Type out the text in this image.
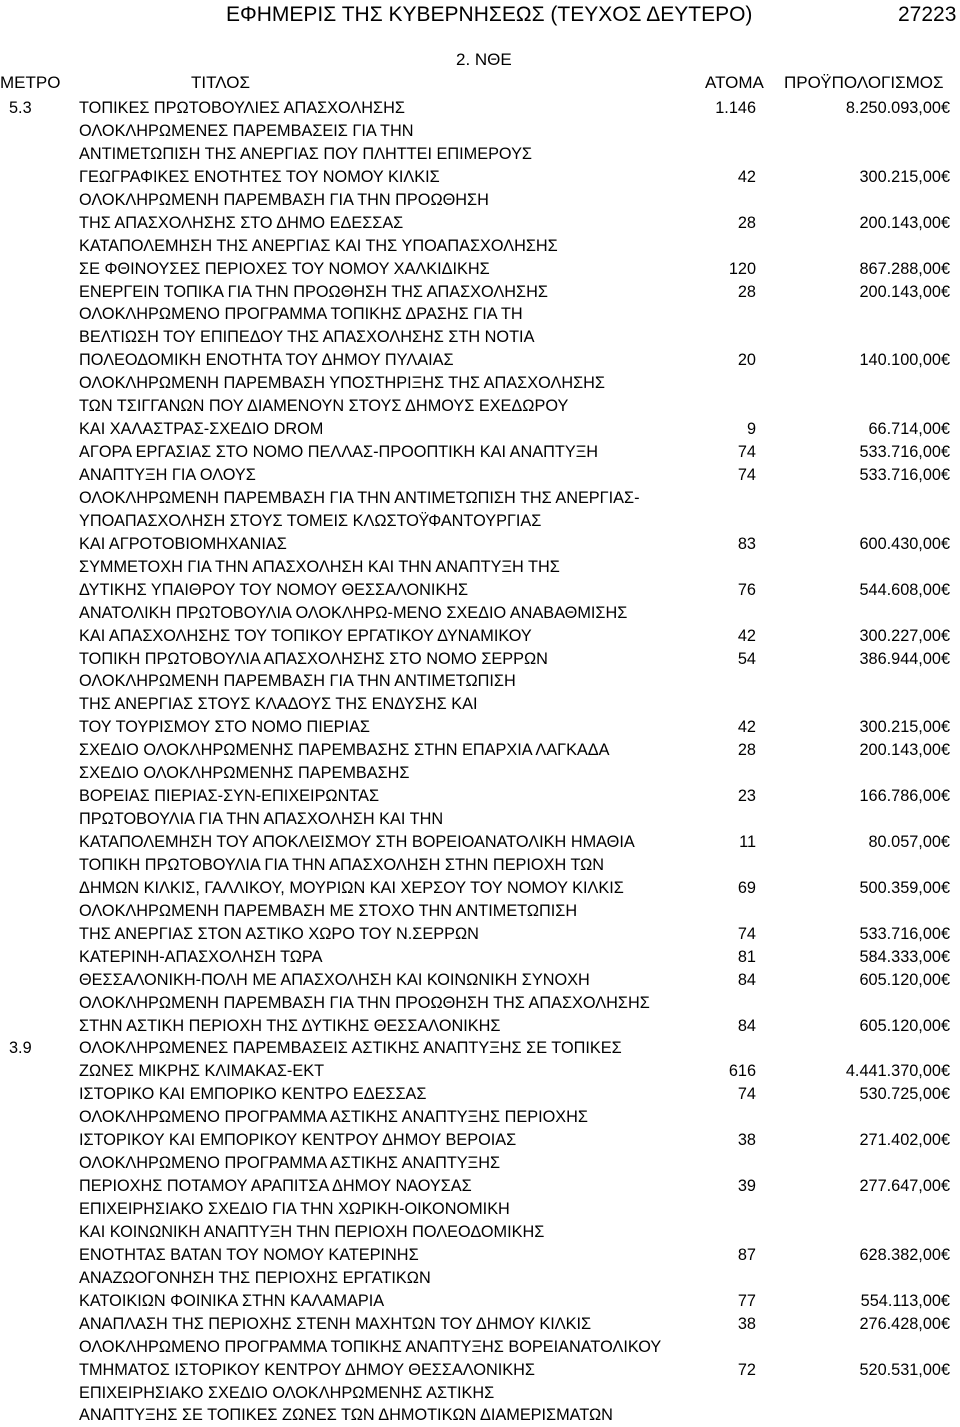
ΕΦΗΜΕΡΙΣ ΤΗΣ ΚΥΒΕΡΝΗΣΕΩΣ (ΤΕΥΧΟΣ ΔΕΥΤΕΡΟ)	27223
2. ΝΘΕ
ΜΕΤΡΟ	ΤΙΤΛΟΣ	ΑΤΟΜΑ ΠΡΟΫΠΟΛΟΓΙΣΜΟΣ
5.3	ΤΟΠΙΚΕΣ ΠΡΩΤΟΒΟΥΛΙΕΣ ΑΠΑΣΧΟΛΗΣΗΣ	1.146	8.250.093,00€
ΟΛΟΚΛΗΡΩΜΕΝΕΣ ΠΑΡΕΜΒΑΣΕΙΣ ΓΙΑ ΤΗΝ
ΑΝΤΙΜΕΤΩΠΙΣΗ ΤΗΣ ΑΝΕΡΓΙΑΣ ΠΟΥ ΠΛΗΤΤΕΙ ΕΠΙΜΕΡΟΥΣ
ΓΕΩΓΡΑΦΙΚΕΣ ΕΝΟΤΗΤΕΣ ΤΟΥ ΝΟΜΟΥ ΚΙΛΚΙΣ	42	300.215,00€
ΟΛΟΚΛΗΡΩΜΕΝΗ ΠΑΡΕΜΒΑΣΗ ΓΙΑ ΤΗΝ ΠΡΟΩΘΗΣΗ
ΤΗΣ ΑΠΑΣΧΟΛΗΣΗΣ ΣΤΟ ΔΗΜΟ ΕΔΕΣΣΑΣ	28	200.143,00€
ΚΑΤΑΠΟΛΕΜΗΣΗ ΤΗΣ ΑΝΕΡΓΙΑΣ ΚΑΙ ΤΗΣ ΥΠΟΑΠΑΣΧΟΛΗΣΗΣ
ΣΕ ΦΘΙΝΟΥΣΕΣ ΠΕΡΙΟΧΕΣ ΤΟΥ ΝΟΜΟΥ ΧΑΛΚΙΔΙΚΗΣ	120	867.288,00€
ΕΝΕΡΓΕΙΝ ΤΟΠΙΚΑ ΓΙΑ ΤΗΝ ΠΡΟΩΘΗΣΗ ΤΗΣ ΑΠΑΣΧΟΛΗΣΗΣ	28	200.143,00€
ΟΛΟΚΛΗΡΩΜΕΝΟ ΠΡΟΓΡΑΜΜΑ ΤΟΠΙΚΗΣ ΔΡΑΣΗΣ ΓΙΑ ΤΗ
ΒΕΛΤΙΩΣΗ ΤΟΥ ΕΠΙΠΕΔΟΥ ΤΗΣ ΑΠΑΣΧΟΛΗΣΗΣ ΣΤΗ ΝΟΤΙΑ
ΠΟΛΕΟΔΟΜΙΚΗ ΕΝΟΤΗΤΑ ΤΟΥ ΔΗΜΟΥ ΠΥΛΑΙΑΣ	20	140.100,00€
ΟΛΟΚΛΗΡΩΜΕΝΗ ΠΑΡΕΜΒΑΣΗ ΥΠΟΣΤΗΡΙΞΗΣ ΤΗΣ ΑΠΑΣΧΟΛΗΣΗΣ
ΤΩΝ ΤΣΙΓΓΑΝΩΝ ΠΟΥ ΔΙΑΜΕΝΟΥΝ ΣΤΟΥΣ ΔΗΜΟΥΣ ΕΧΕΔΩΡΟΥ
ΚΑΙ ΧΑΛΑΣΤΡΑΣ-ΣΧΕΔΙΟ DROM	9	66.714,00€
ΑΓΟΡΑ ΕΡΓΑΣΙΑΣ ΣΤΟ ΝΟΜΟ ΠΕΛΛΑΣ-ΠΡΟΟΠΤΙΚΗ ΚΑΙ ΑΝΑΠΤΥΞΗ	74	533.716,00€
ΑΝΑΠΤΥΞΗ ΓΙΑ ΟΛΟΥΣ	74	533.716,00€
ΟΛΟΚΛΗΡΩΜΕΝΗ ΠΑΡΕΜΒΑΣΗ ΓΙΑ ΤΗΝ ΑΝΤΙΜΕΤΩΠΙΣΗ ΤΗΣ ΑΝΕΡΓΙΑΣ-
ΥΠΟΑΠΑΣΧΟΛΗΣΗ ΣΤΟΥΣ ΤΟΜΕΙΣ ΚΛΩΣΤΟΫΦΑΝΤΟΥΡΓΙΑΣ
ΚΑΙ ΑΓΡΟΤΟΒΙΟΜΗΧΑΝΙΑΣ	83	600.430,00€
ΣΥΜΜΕΤΟΧΗ ΓΙΑ ΤΗΝ ΑΠΑΣΧΟΛΗΣΗ ΚΑΙ ΤΗΝ ΑΝΑΠΤΥΞΗ ΤΗΣ
ΔΥΤΙΚΗΣ ΥΠΑΙΘΡΟΥ ΤΟΥ ΝΟΜΟΥ ΘΕΣΣΑΛΟΝΙΚΗΣ	76	544.608,00€
ΑΝΑΤΟΛΙΚΗ ΠΡΩΤΟΒΟΥΛΙΑ ΟΛΟΚΛΗΡΩ-ΜΕΝΟ ΣΧΕΔΙΟ ΑΝΑΒΑΘΜΙΣΗΣ
ΚΑΙ ΑΠΑΣΧΟΛΗΣΗΣ ΤΟΥ ΤΟΠΙΚΟΥ ΕΡΓΑΤΙΚΟΥ ΔΥΝΑΜΙΚΟΥ	42	300.227,00€
ΤΟΠΙΚΗ ΠΡΩΤΟΒΟΥΛΙΑ ΑΠΑΣΧΟΛΗΣΗΣ ΣΤΟ ΝΟΜΟ ΣΕΡΡΩΝ	54	386.944,00€
ΟΛΟΚΛΗΡΩΜΕΝΗ ΠΑΡΕΜΒΑΣΗ ΓΙΑ ΤΗΝ ΑΝΤΙΜΕΤΩΠΙΣΗ
ΤΗΣ ΑΝΕΡΓΙΑΣ ΣΤΟΥΣ ΚΛΑΔΟΥΣ ΤΗΣ ΕΝΔΥΣΗΣ ΚΑΙ
ΤΟΥ ΤΟΥΡΙΣΜΟΥ ΣΤΟ ΝΟΜΟ ΠΙΕΡΙΑΣ	42	300.215,00€
ΣΧΕΔΙΟ ΟΛΟΚΛΗΡΩΜΕΝΗΣ ΠΑΡΕΜΒΑΣΗΣ ΣΤΗΝ ΕΠΑΡΧΙΑ ΛΑΓΚΑΔΑ	28	200.143,00€
ΣΧΕΔΙΟ ΟΛΟΚΛΗΡΩΜΕΝΗΣ ΠΑΡΕΜΒΑΣΗΣ
ΒΟΡΕΙΑΣ ΠΙΕΡΙΑΣ-ΣΥΝ-ΕΠΙΧΕΙΡΩΝΤΑΣ	23	166.786,00€
ΠΡΩΤΟΒΟΥΛΙΑ ΓΙΑ ΤΗΝ ΑΠΑΣΧΟΛΗΣΗ ΚΑΙ ΤΗΝ
ΚΑΤΑΠΟΛΕΜΗΣΗ ΤΟΥ ΑΠΟΚΛΕΙΣΜΟΥ ΣΤΗ ΒΟΡΕΙΟΑΝΑΤΟΛΙΚΗ ΗΜΑΘΙΑ	11	80.057,00€
ΤΟΠΙΚΗ ΠΡΩΤΟΒΟΥΛΙΑ ΓΙΑ ΤΗΝ ΑΠΑΣΧΟΛΗΣΗ ΣΤΗΝ ΠΕΡΙΟΧΗ ΤΩΝ
ΔΗΜΩΝ ΚΙΛΚΙΣ, ΓΑΛΛΙΚΟΥ, ΜΟΥΡΙΩΝ ΚΑΙ ΧΕΡΣΟΥ ΤΟΥ ΝΟΜΟΥ ΚΙΛΚΙΣ	69	500.359,00€
ΟΛΟΚΛΗΡΩΜΕΝΗ ΠΑΡΕΜΒΑΣΗ ΜΕ ΣΤΟΧΟ ΤΗΝ ΑΝΤΙΜΕΤΩΠΙΣΗ
ΤΗΣ ΑΝΕΡΓΙΑΣ ΣΤΟΝ ΑΣΤΙΚΟ ΧΩΡΟ ΤΟΥ Ν.ΣΕΡΡΩΝ	74	533.716,00€
ΚΑΤΕΡΙΝΗ-ΑΠΑΣΧΟΛΗΣΗ ΤΩΡΑ	81	584.333,00€
ΘΕΣΣΑΛΟΝΙΚΗ-ΠΟΛΗ ΜΕ ΑΠΑΣΧΟΛΗΣΗ ΚΑΙ ΚΟΙΝΩΝΙΚΗ ΣΥΝΟΧΗ	84	605.120,00€
ΟΛΟΚΛΗΡΩΜΕΝΗ ΠΑΡΕΜΒΑΣΗ ΓΙΑ ΤΗΝ ΠΡΟΩΘΗΣΗ ΤΗΣ ΑΠΑΣΧΟΛΗΣΗΣ
ΣΤΗΝ ΑΣΤΙΚΗ ΠΕΡΙΟΧΗ ΤΗΣ ΔΥΤΙΚΗΣ ΘΕΣΣΑΛΟΝΙΚΗΣ	84	605.120,00€
3.9	ΟΛΟΚΛΗΡΩΜΕΝΕΣ ΠΑΡΕΜΒΑΣΕΙΣ ΑΣΤΙΚΗΣ ΑΝΑΠΤΥΞΗΣ ΣΕ ΤΟΠΙΚΕΣ
ΖΩΝΕΣ ΜΙΚΡΗΣ ΚΛΙΜΑΚΑΣ-ΕΚΤ	616	4.441.370,00€
ΙΣΤΟΡΙΚΟ ΚΑΙ ΕΜΠΟΡΙΚΟ ΚΕΝΤΡΟ ΕΔΕΣΣΑΣ	74	530.725,00€
ΟΛΟΚΛΗΡΩΜΕΝΟ ΠΡΟΓΡΑΜΜΑ ΑΣΤΙΚΗΣ ΑΝΑΠΤΥΞΗΣ ΠΕΡΙΟΧΗΣ
ΙΣΤΟΡΙΚΟΥ ΚΑΙ ΕΜΠΟΡΙΚΟΥ ΚΕΝΤΡΟΥ ΔΗΜΟΥ ΒΕΡΟΙΑΣ	38	271.402,00€
ΟΛΟΚΛΗΡΩΜΕΝΟ ΠΡΟΓΡΑΜΜΑ ΑΣΤΙΚΗΣ ΑΝΑΠΤΥΞΗΣ
ΠΕΡΙΟΧΗΣ ΠΟΤΑΜΟΥ ΑΡΑΠΙΤΣΑ ΔΗΜΟΥ ΝΑΟΥΣΑΣ	39	277.647,00€
ΕΠΙΧΕΙΡΗΣΙΑΚΟ ΣΧΕΔΙΟ ΓΙΑ ΤΗΝ ΧΩΡΙΚΗ-ΟΙΚΟΝΟΜΙΚΗ
ΚΑΙ ΚΟΙΝΩΝΙΚΗ ΑΝΑΠΤΥΞΗ ΤΗΝ ΠΕΡΙΟΧΗ ΠΟΛΕΟΔΟΜΙΚΗΣ
ΕΝΟΤΗΤΑΣ ΒΑΤΑΝ ΤΟΥ ΝΟΜΟΥ ΚΑΤΕΡΙΝΗΣ	87	628.382,00€
ΑΝΑΖΩΟΓΟΝΗΣΗ ΤΗΣ ΠΕΡΙΟΧΗΣ ΕΡΓΑΤΙΚΩΝ
ΚΑΤΟΙΚΙΩΝ ΦΟΙΝΙΚΑ ΣΤΗΝ ΚΑΛΑΜΑΡΙΑ	77	554.113,00€
ΑΝΑΠΛΑΣΗ ΤΗΣ ΠΕΡΙΟΧΗΣ ΣΤΕΝΗ ΜΑΧΗΤΩΝ ΤΟΥ ΔΗΜΟΥ ΚΙΛΚΙΣ	38	276.428,00€
ΟΛΟΚΛΗΡΩΜΕΝΟ ΠΡΟΓΡΑΜΜΑ ΤΟΠΙΚΗΣ ΑΝΑΠΤΥΞΗΣ ΒΟΡΕΙΑΝΑΤΟΛΙΚΟΥ
ΤΜΗΜΑΤΟΣ ΙΣΤΟΡΙΚΟΥ ΚΕΝΤΡΟΥ ΔΗΜΟΥ ΘΕΣΣΑΛΟΝΙΚΗΣ	72	520.531,00€
ΕΠΙΧΕΙΡΗΣΙΑΚΟ ΣΧΕΔΙΟ ΟΛΟΚΛΗΡΩΜΕΝΗΣ ΑΣΤΙΚΗΣ
ΑΝΑΠΤΥΞΗΣ ΣΕ ΤΟΠΙΚΕΣ ΖΩΝΕΣ ΤΩΝ ΔΗΜΟΤΙΚΩΝ ΔΙΑΜΕΡΙΣΜΑΤΩΝ
